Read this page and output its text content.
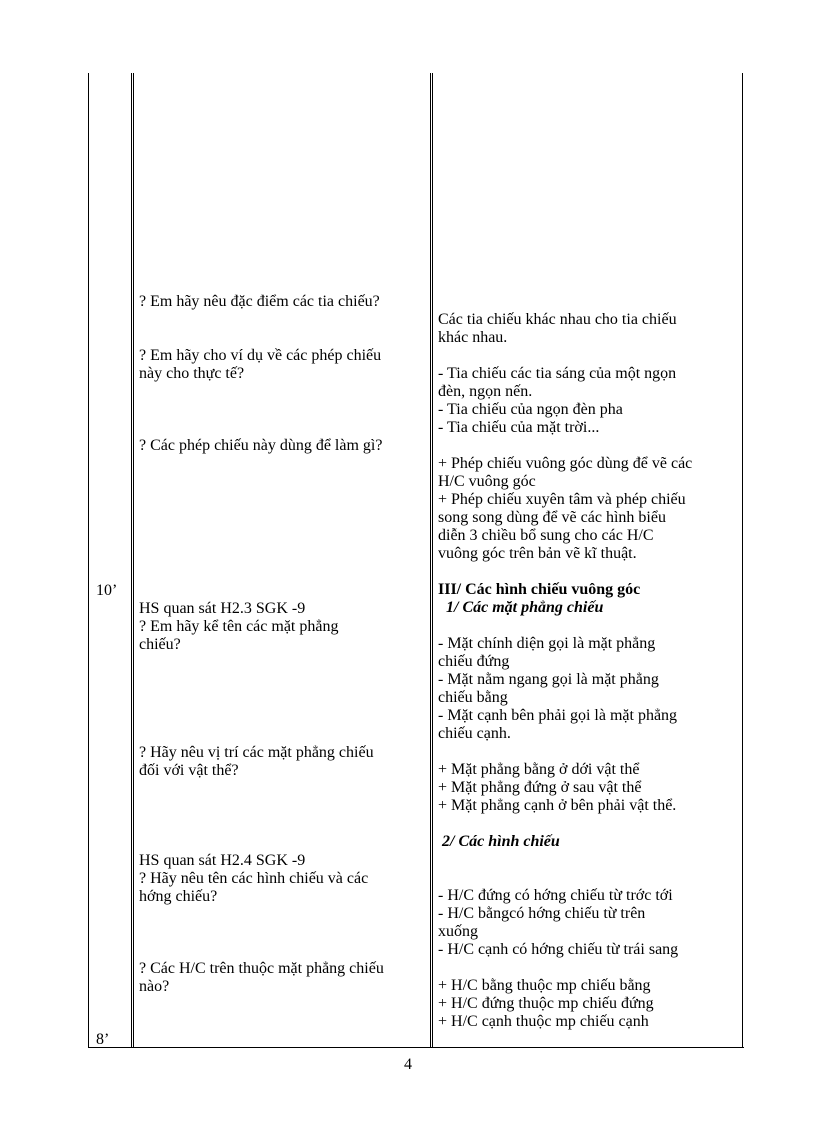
10’
8’
? Em hãy nêu đặc điểm các tia chiếu?
? Em hãy cho ví dụ về các phép chiếu
này cho thực tế?
? Các phép chiếu này dùng để làm gì?
HS quan sát H2.3 SGK -9
? Em hãy kể tên các mặt phẳng
chiếu?
? Hãy nêu vị trí các mặt phẳng chiếu
đối với vật thể?
HS quan sát H2.4 SGK -9
? Hãy nêu tên các hình chiếu và các
hớng chiếu?
? Các H/C trên thuộc mặt phẳng chiếu
nào?
Các tia chiếu khác nhau cho tia chiếu
khác nhau.
- Tia chiếu các tia sáng của một ngọn
đèn, ngọn nến.
- Tia chiếu của ngọn đèn pha
- Tia chiếu của mặt trời...
+ Phép chiếu vuông góc dùng để vẽ các
H/C vuông góc
+ Phép chiếu xuyên tâm và phép chiếu
song song dùng để vẽ các hình biểu
diễn 3 chiều bổ sung cho các H/C
vuông góc trên bản vẽ kĩ thuật.
III/ Các hình chiếu vuông góc
1/ Các mặt phẳng chiếu
- Mặt chính diện gọi là mặt phẳng
chiếu đứng
- Mặt nằm ngang gọi là mặt phẳng
chiếu bằng
- Mặt cạnh bên phải gọi là mặt phẳng
chiếu cạnh.
+ Mặt phẳng bằng ở dới vật thể
+ Mặt phẳng đứng ở sau vật thể
+ Mặt phẳng cạnh ở bên phải vật thể.
2/ Các hình chiếu
- H/C đứng có hớng chiếu từ trớc tới
- H/C bằngcó hớng chiếu từ trên
xuống
- H/C cạnh có hớng chiếu từ trái sang
+ H/C bằng thuộc mp chiếu bằng
+ H/C đứng thuộc mp chiếu đứng
+ H/C cạnh thuộc mp chiếu cạnh
4
